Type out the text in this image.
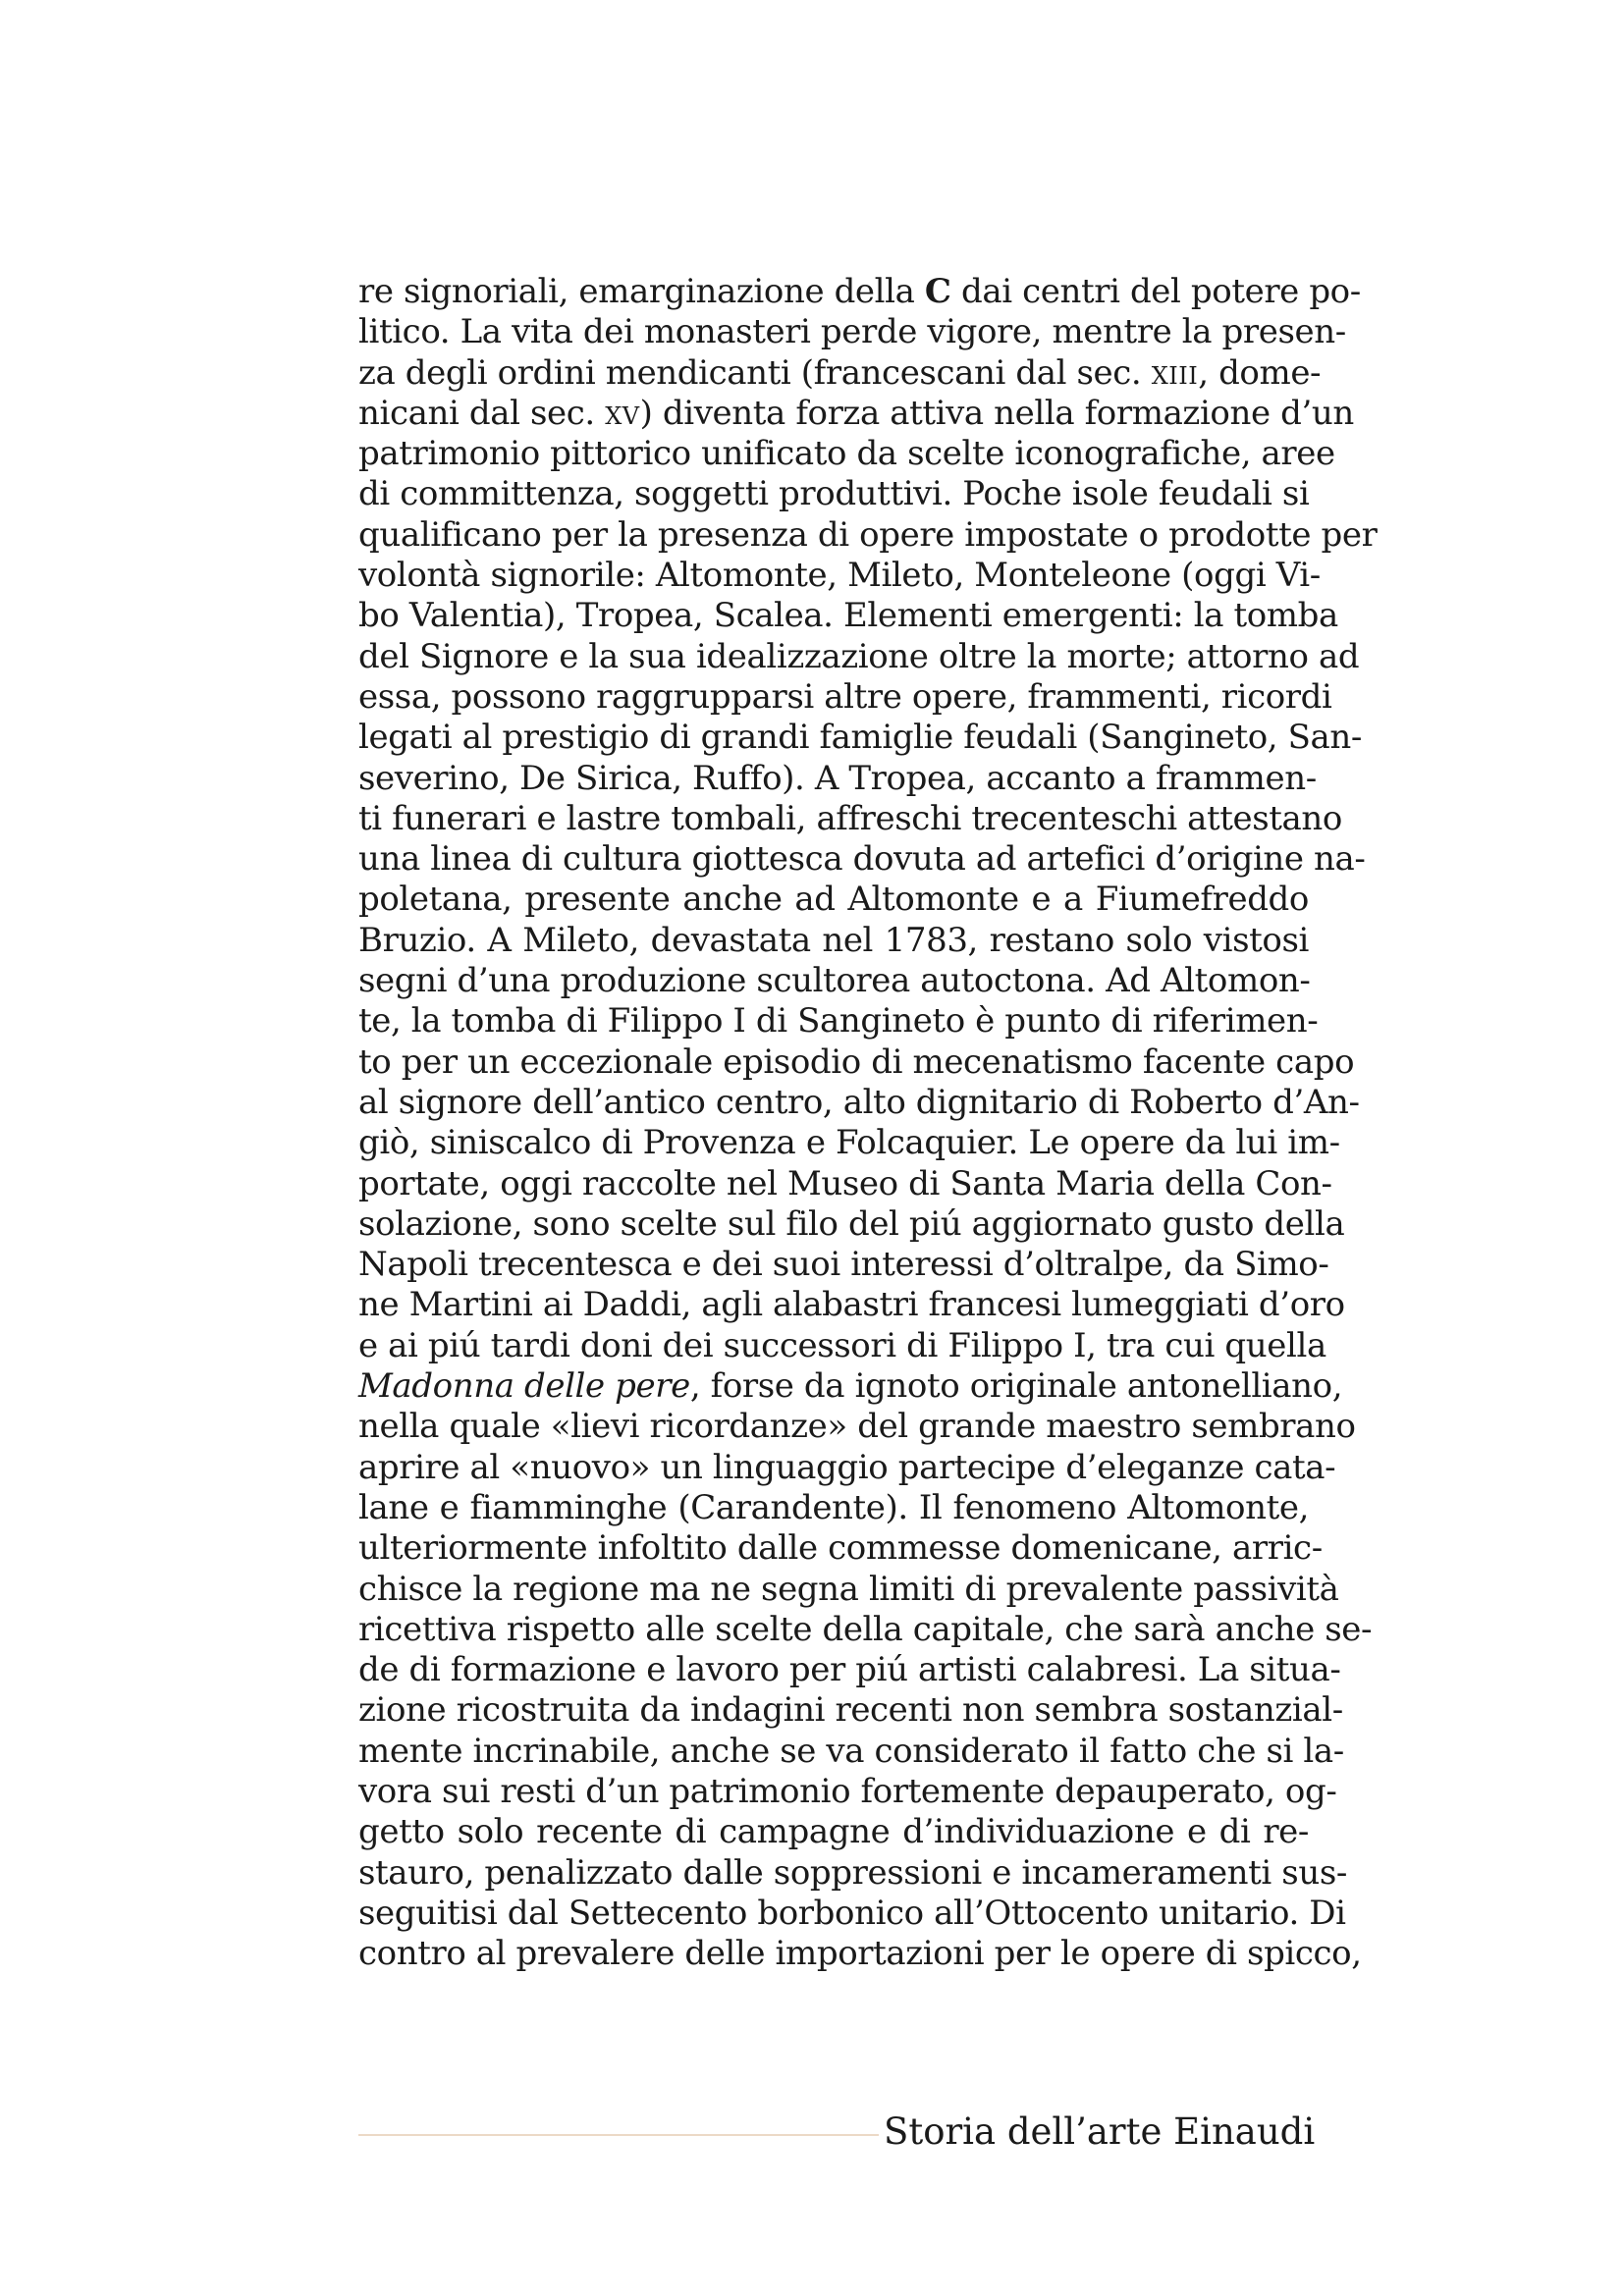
re signoriali, emarginazione della C dai centri del potere po-
litico. La vita dei monasteri perde vigore, mentre la presen-
za degli ordini mendicanti (francescani dal sec. xiii, dome-
nicani dal sec. xv) diventa forza attiva nella formazione d’un
patrimonio pittorico unificato da scelte iconografiche, aree
di committenza, soggetti produttivi. Poche isole feudali si
qualificano per la presenza di opere impostate o prodotte per
volontà signorile: Altomonte, Mileto, Monteleone (oggi Vi-
bo Valentia), Tropea, Scalea. Elementi emergenti: la tomba
del Signore e la sua idealizzazione oltre la morte; attorno ad
essa, possono raggrupparsi altre opere, frammenti, ricordi
legati al prestigio di grandi famiglie feudali (Sangineto, San-
severino, De Sirica, Ruffo). A Tropea, accanto a frammen-
ti funerari e lastre tombali, affreschi trecenteschi attestano
una linea di cultura giottesca dovuta ad artefici d’origine na-
poletana, presente anche ad Altomonte e a Fiumefreddo
Bruzio. A Mileto, devastata nel 1783, restano solo vistosi
segni d’una produzione scultorea autoctona. Ad Altomon-
te, la tomba di Filippo I di Sangineto è punto di riferimen-
to per un eccezionale episodio di mecenatismo facente capo
al signore dell’antico centro, alto dignitario di Roberto d’An-
giò, siniscalco di Provenza e Folcaquier. Le opere da lui im-
portate, oggi raccolte nel Museo di Santa Maria della Con-
solazione, sono scelte sul filo del piú aggiornato gusto della
Napoli trecentesca e dei suoi interessi d’oltralpe, da Simo-
ne Martini ai Daddi, agli alabastri francesi lumeggiati d’oro
e ai piú tardi doni dei successori di Filippo I, tra cui quella
Madonna delle pere, forse da ignoto originale antonelliano,
nella quale «lievi ricordanze» del grande maestro sembrano
aprire al «nuovo» un linguaggio partecipe d’eleganze cata-
lane e fiamminghe (Carandente). Il fenomeno Altomonte,
ulteriormente infoltito dalle commesse domenicane, arric-
chisce la regione ma ne segna limiti di prevalente passività
ricettiva rispetto alle scelte della capitale, che sarà anche se-
de di formazione e lavoro per piú artisti calabresi. La situa-
zione ricostruita da indagini recenti non sembra sostanzial-
mente incrinabile, anche se va considerato il fatto che si la-
vora sui resti d’un patrimonio fortemente depauperato, og-
getto solo recente di campagne d’individuazione e di re-
stauro, penalizzato dalle soppressioni e incameramenti sus-
seguitisi dal Settecento borbonico all’Ottocento unitario. Di
contro al prevalere delle importazioni per le opere di spicco,
Storia dell’arte Einaudi
